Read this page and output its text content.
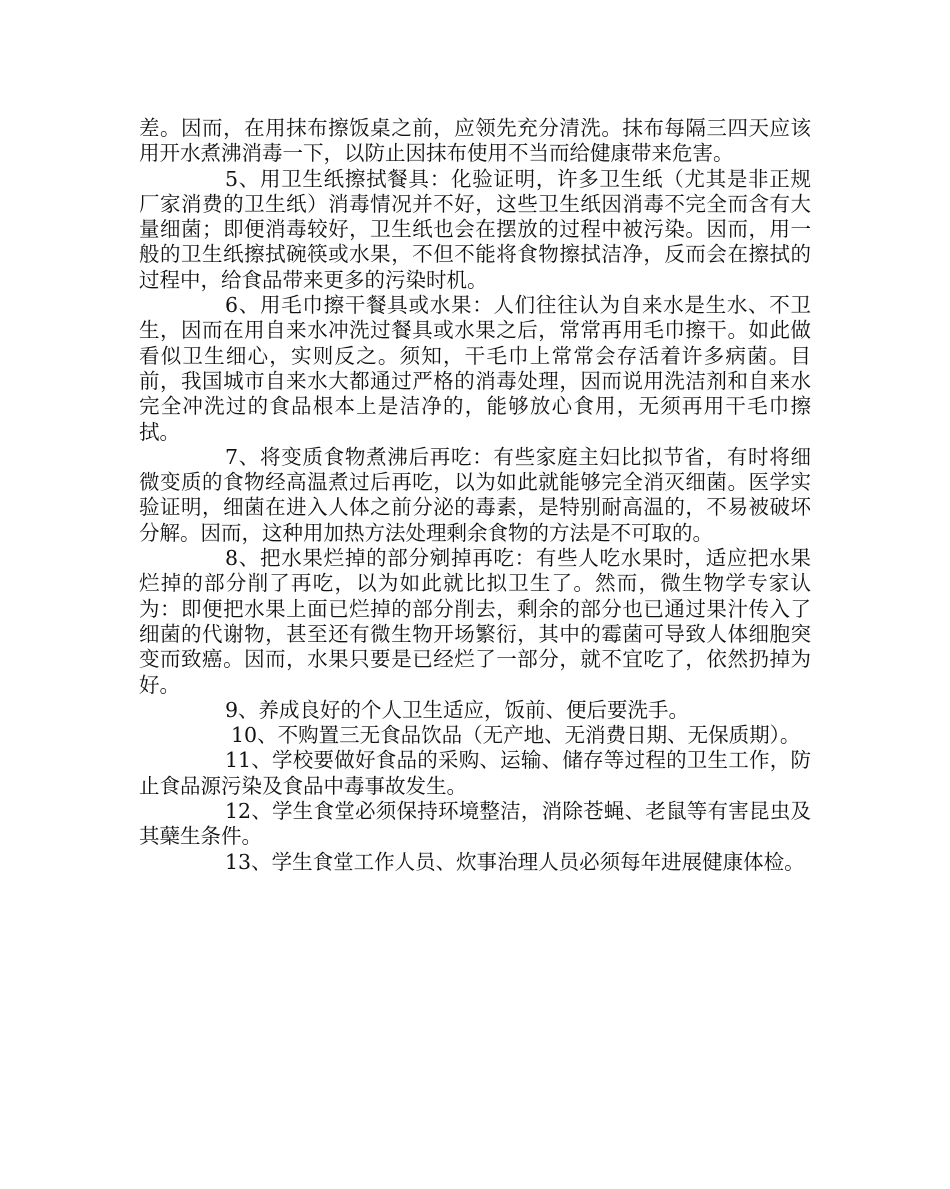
差。因而，在用抹布擦饭桌之前，应领先充分清洗。抹布每隔三四天应该用开水煮沸消毒一下，以防止因抹布使用不当而给健康带来危害。

5、用卫生纸擦拭餐具：化验证明，许多卫生纸（尤其是非正规厂家消费的卫生纸）消毒情况并不好，这些卫生纸因消毒不完全而含有大量细菌；即便消毒较好，卫生纸也会在摆放的过程中被污染。因而，用一般的卫生纸擦拭碗筷或水果，不但不能将食物擦拭洁净，反而会在擦拭的过程中，给食品带来更多的污染时机。

6、用毛巾擦干餐具或水果：人们往往认为自来水是生水、不卫生，因而在用自来水冲洗过餐具或水果之后，常常再用毛巾擦干。如此做看似卫生细心，实则反之。须知，干毛巾上常常会存活着许多病菌。目前，我国城市自来水大都通过严格的消毒处理，因而说用洗洁剂和自来水完全冲洗过的食品根本上是洁净的，能够放心食用，无须再用干毛巾擦拭。

7、将变质食物煮沸后再吃：有些家庭主妇比拟节省，有时将细微变质的食物经高温煮过后再吃，以为如此就能够完全消灭细菌。医学实验证明，细菌在进入人体之前分泌的毒素，是特别耐高温的，不易被破坏分解。因而，这种用加热方法处理剩余食物的方法是不可取的。

8、把水果烂掉的部分剜掉再吃：有些人吃水果时，适应把水果烂掉的部分削了再吃，以为如此就比拟卫生了。然而，微生物学专家认为：即便把水果上面已烂掉的部分削去，剩余的部分也已通过果汁传入了细菌的代谢物，甚至还有微生物开场繁衍，其中的霉菌可导致人体细胞突变而致癌。因而，水果只要是已经烂了一部分，就不宜吃了，依然扔掉为好。

9、养成良好的个人卫生适应，饭前、便后要洗手。

10、不购置三无食品饮品（无产地、无消费日期、无保质期）。

11、学校要做好食品的采购、运输、储存等过程的卫生工作，防止食品源污染及食品中毒事故发生。

12、学生食堂必须保持环境整洁，消除苍蝇、老鼠等有害昆虫及其蘖生条件。

13、学生食堂工作人员、炊事治理人员必须每年进展健康体检。
